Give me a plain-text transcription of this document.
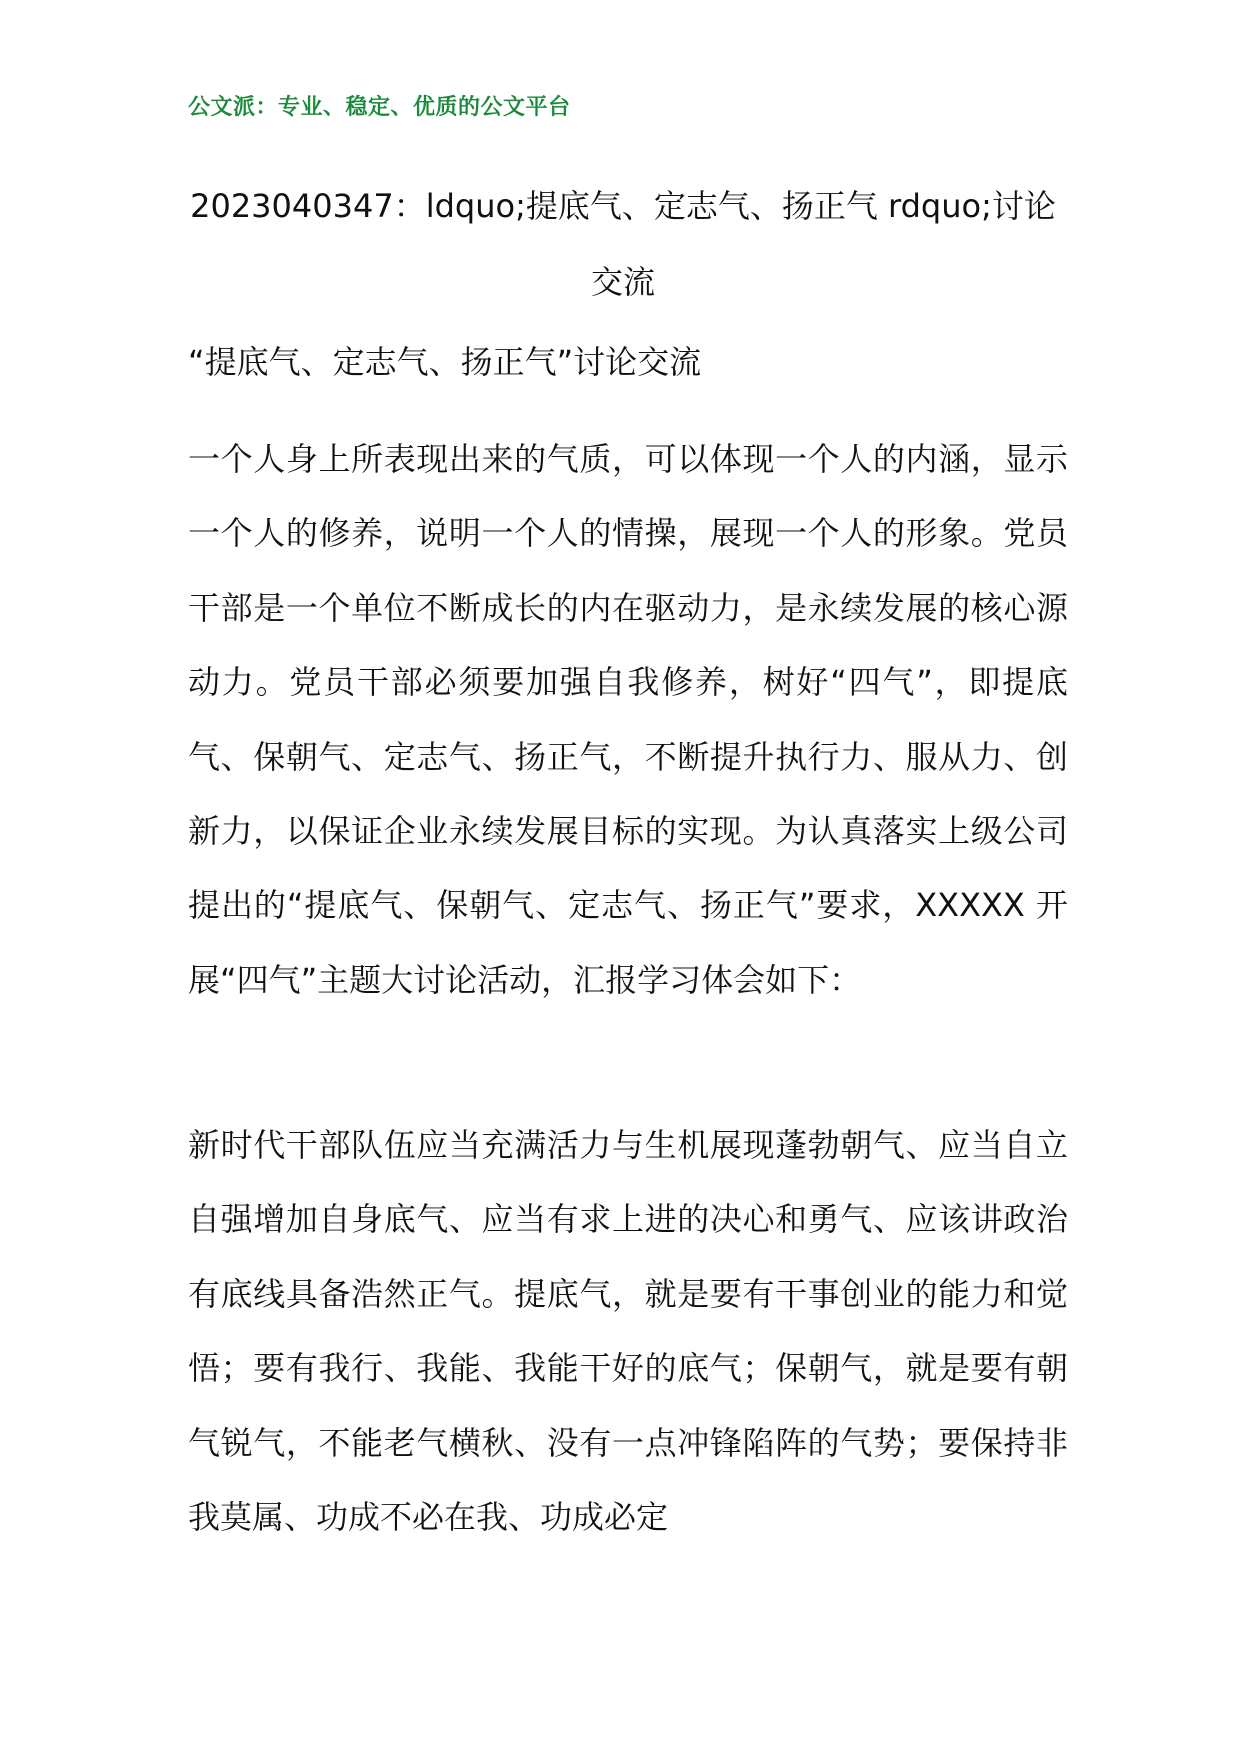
公文派：专业、稳定、优质的公文平台
2023040347：ldquo;提底气、定志气、扬正气 rdquo;讨论交流
“提底气、定志气、扬正气”讨论交流
一个人身上所表现出来的气质，可以体现一个人的内涵，显示一个人的修养，说明一个人的情操，展现一个人的形象。党员干部是一个单位不断成长的内在驱动力，是永续发展的核心源动力。党员干部必须要加强自我修养，树好“四气”，即提底气、保朝气、定志气、扬正气，不断提升执行力、服从力、创新力，以保证企业永续发展目标的实现。为认真落实上级公司提出的“提底气、保朝气、定志气、扬正气”要求，XXXXX 开展“四气”主题大讨论活动，汇报学习体会如下：
新时代干部队伍应当充满活力与生机展现蓬勃朝气、应当自立自强增加自身底气、应当有求上进的决心和勇气、应该讲政治有底线具备浩然正气。提底气，就是要有干事创业的能力和觉悟；要有我行、我能、我能干好的底气；保朝气，就是要有朝气锐气，不能老气横秋、没有一点冲锋陷阵的气势；要保持非我莫属、功成不必在我、功成必定
